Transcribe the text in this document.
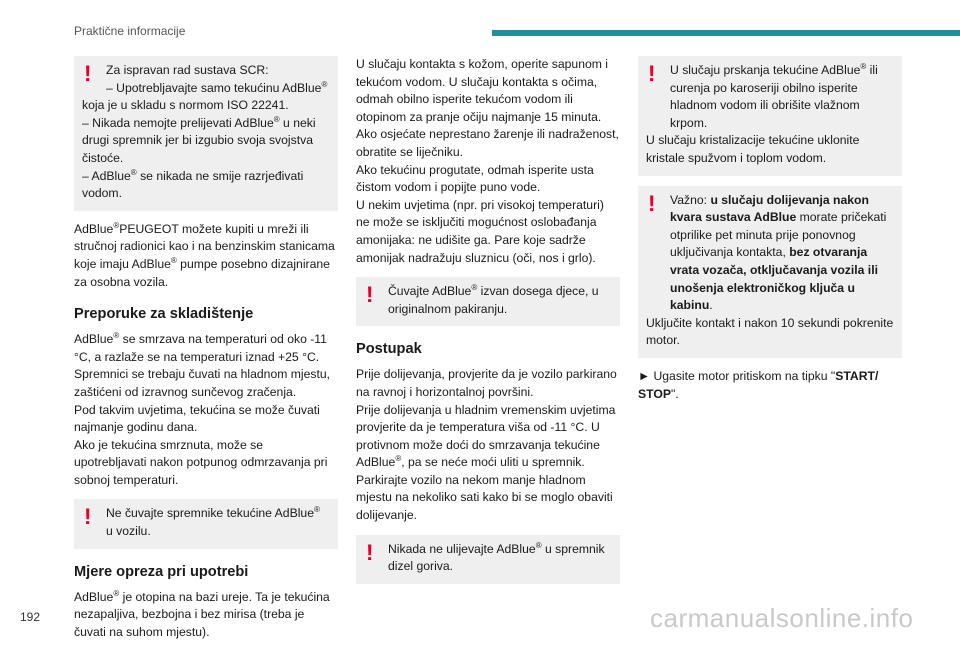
Praktične informacije
!	Za ispravan rad sustava SCR:
– Upotrebljavajte samo tekućinu AdBlue® koja je u skladu s normom ISO 22241.
– Nikada nemojte prelijevati AdBlue® u neki drugi spremnik jer bi izgubio svoja svojstva čistoće.
– AdBlue® se nikada ne smije razrjeđivati vodom.

AdBlue®PEUGEOT možete kupiti u mreži ili stručnoj radionici kao i na benzinskim stanicama koje imaju AdBlue® pumpe posebno dizajnirane za osobna vozila.

Preporuke za skladištenje

AdBlue® se smrzava na temperaturi od oko -11 °C, a razlaže se na temperaturi iznad +25 °C. Spremnici se trebaju čuvati na hladnom mjestu, zaštićeni od izravnog sunčevog zračenja.
Pod takvim uvjetima, tekućina se može čuvati najmanje godinu dana.
Ako je tekućina smrznuta, može se upotrebljavati nakon potpunog odmrzavanja pri sobnoj temperaturi.

!	Ne čuvajte spremnike tekućine AdBlue® u vozilu.
Mjere opreza pri upotrebi

AdBlue® je otopina na bazi ureje. Ta je tekućina nezapaljiva, bezbojna i bez mirisa (treba je čuvati na suhom mjestu).

U slučaju kontakta s kožom, operite sapunom i tekućom vodom. U slučaju kontakta s očima, odmah obilno isperite tekućom vodom ili otopinom za pranje očiju najmanje 15 minuta. Ako osjećate neprestano žarenje ili nadraženost, obratite se liječniku.
Ako tekućinu progutate, odmah isperite usta čistom vodom i popijte puno vode.
U nekim uvjetima (npr. pri visokoj temperaturi) ne može se isključiti mogućnost oslobađanja amonijaka: ne udišite ga. Pare koje sadrže amonijak nadražuju sluznicu (oči, nos i grlo).

!	Čuvajte AdBlue® izvan dosega djece, u originalnom pakiranju.
Postupak

Prije dolijevanja, provjerite da je vozilo parkirano na ravnoj i horizontalnoj površini.
Prije dolijevanja u hladnim vremenskim uvjetima provjerite da je temperatura viša od -11 °C. U protivnom može doći do smrzavanja tekućine AdBlue®, pa se neće moći uliti u spremnik. Parkirajte vozilo na nekom manje hladnom mjestu na nekoliko sati kako bi se moglo obaviti dolijevanje.

!	Nikada ne ulijevajte AdBlue® u spremnik dizel goriva.
!	U slučaju prskanja tekućine AdBlue® ili curenja po karoseriji obilno isperite hladnom vodom ili obrišite vlažnom krpom.
U slučaju kristalizacije tekućine uklonite kristale spužvom i toplom vodom.
!	Važno: u slučaju dolijevanja nakon kvara sustava AdBlue morate pričekati otprilike pet minuta prije ponovnog uključivanja kontakta, bez otvaranja vrata vozača, otključavanja vozila ili unošenja elektroničkog ključa u kabinu.
Uključite kontakt i nakon 10 sekundi pokrenite motor.

► Ugasite motor pritiskom na tipku "START/ STOP".

192	carmanualsonline.info
